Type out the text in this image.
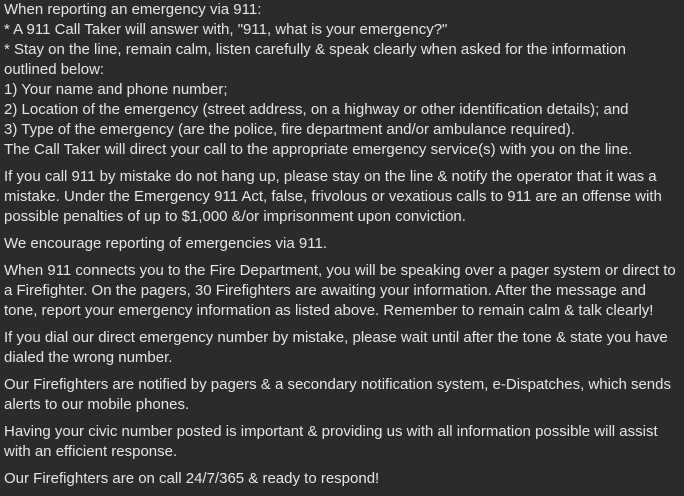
When reporting an emergency via 911:
* A 911 Call Taker will answer with, "911, what is your emergency?"
* Stay on the line, remain calm, listen carefully & speak clearly when asked for the information outlined below:
1) Your name and phone number;
2) Location of the emergency (street address, on a highway or other identification details); and
3) Type of the emergency (are the police, fire department and/or ambulance required).
The Call Taker will direct your call to the appropriate emergency service(s) with you on the line.
If you call 911 by mistake do not hang up, please stay on the line & notify the operator that it was a mistake. Under the Emergency 911 Act, false, frivolous or vexatious calls to 911 are an offense with possible penalties of up to $1,000 &/or imprisonment upon conviction.
We encourage reporting of emergencies via 911.
When 911 connects you to the Fire Department, you will be speaking over a pager system or direct to a Firefighter. On the pagers, 30 Firefighters are awaiting your information. After the message and tone, report your emergency information as listed above. Remember to remain calm & talk clearly!
If you dial our direct emergency number by mistake, please wait until after the tone & state you have dialed the wrong number.
Our Firefighters are notified by pagers & a secondary notification system, e-Dispatches, which sends alerts to our mobile phones.
Having your civic number posted is important & providing us with all information possible will assist with an efficient response.
Our Firefighters are on call 24/7/365 & ready to respond!
